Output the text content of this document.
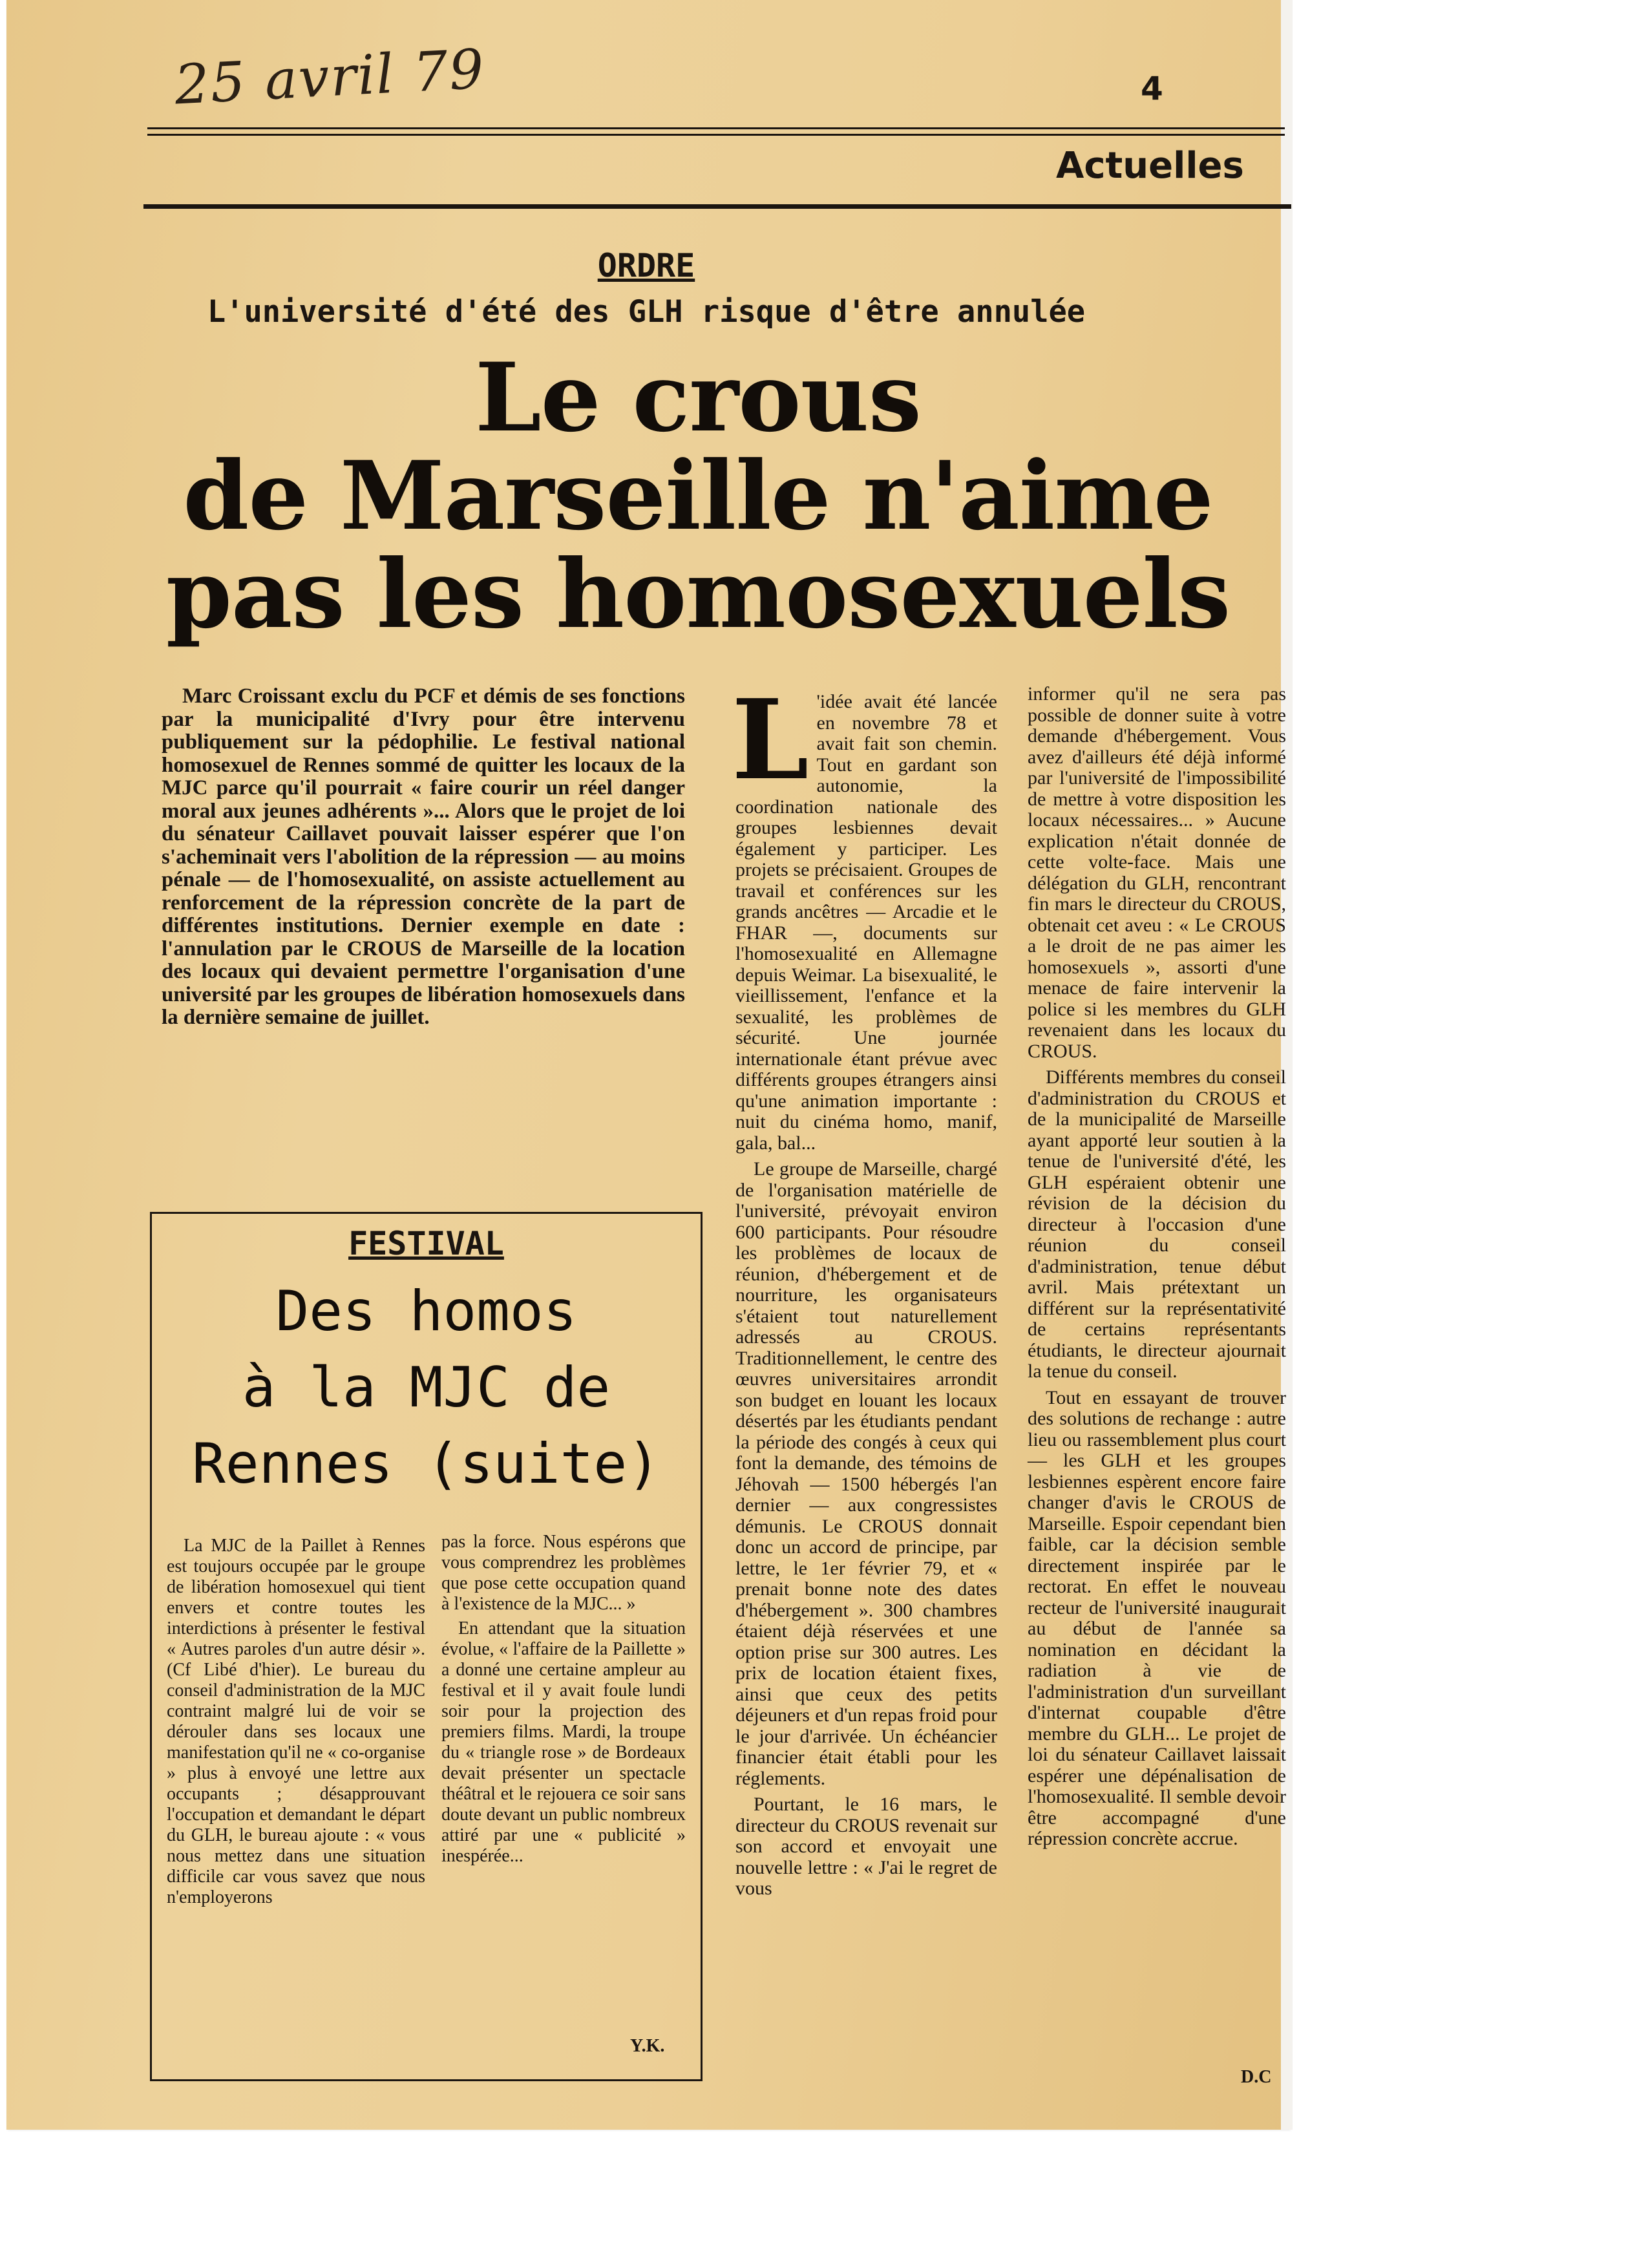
25 avril 79	4
Actuelles
ORDRE
L'université d'été des GLH risque d'être annulée
Le crous
de Marseille n'aime
pas les homosexuels
Marc Croissant exclu du PCF et démis de ses fonctions par la municipalité d'Ivry pour être intervenu publiquement sur la pédophilie. Le festival national homosexuel de Rennes sommé de quitter les locaux de la MJC parce qu'il pourrait « faire courir un réel danger moral aux jeunes adhérents »... Alors que le projet de loi du sénateur Caillavet pouvait laisser espérer que l'on s'acheminait vers l'abolition de la répression — au moins pénale — de l'homosexualité, on assiste actuellement au renforcement de la répression concrète de la part de différentes institutions. Dernier exemple en date : l'annulation par le CROUS de Marseille de la location des locaux qui devaient permettre l'organisation d'une université par les groupes de libération homosexuels dans la dernière semaine de juillet.

L 'idée avait été lancée en novembre 78 et avait fait son chemin. Tout en gardant son autonomie, la coordination nationale des groupes lesbiennes devait également y participer. Les projets se précisaient. Groupes de travail et conférences sur les grands ancêtres — Arcadie et le FHAR —, documents sur l'homosexualité en Allemagne depuis Weimar. La bisexualité, le vieillissement, l'enfance et la sexualité, les problèmes de sécurité. Une journée internationale étant prévue avec différents groupes étrangers ainsi qu'une animation importante : nuit du cinéma homo, manif, gala, bal...

Le groupe de Marseille, chargé de l'organisation matérielle de l'université, prévoyait environ 600 participants. Pour résoudre les problèmes de locaux de réunion, d'hébergement et de nourriture, les organisateurs s'étaient tout naturellement adressés au CROUS. Traditionnellement, le centre des œuvres universitaires arrondit son budget en louant les locaux désertés par les étudiants pendant la période des congés à ceux qui font la demande, des témoins de Jéhovah — 1500 hébergés l'an dernier — aux congressistes démunis. Le CROUS donnait donc un accord de principe, par lettre, le 1er février 79, et « prenait bonne note des dates d'hébergement ». 300 chambres étaient déjà réservées et une option prise sur 300 autres. Les prix de location étaient fixes, ainsi que ceux des petits déjeuners et d'un repas froid pour le jour d'arrivée. Un échéancier financier était établi pour les réglements.

Pourtant, le 16 mars, le directeur du CROUS revenait sur son accord et envoyait une nouvelle lettre : « J'ai le regret de vous

informer qu'il ne sera pas possible de donner suite à votre demande d'hébergement. Vous avez d'ailleurs été déjà informé par l'université de l'impossibilité de mettre à votre disposition les locaux nécessaires... » Aucune explication n'était donnée de cette volte-face. Mais une délégation du GLH, rencontrant fin mars le directeur du CROUS, obtenait cet aveu : « Le CROUS a le droit de ne pas aimer les homosexuels », assorti d'une menace de faire intervenir la police si les membres du GLH revenaient dans les locaux du CROUS.

Différents membres du conseil d'administration du CROUS et de la municipalité de Marseille ayant apporté leur soutien à la tenue de l'université d'été, les GLH espéraient obtenir une révision de la décision du directeur à l'occasion d'une réunion du conseil d'administration, tenue début avril. Mais prétextant un différent sur la représentativité de certains représentants étudiants, le directeur ajournait la tenue du conseil.

Tout en essayant de trouver des solutions de rechange : autre lieu ou rassemblement plus court — les GLH et les groupes lesbiennes espèrent encore faire changer d'avis le CROUS de Marseille. Espoir cependant bien faible, car la décision semble directement inspirée par le rectorat. En effet le nouveau recteur de l'université inaugurait au début de l'année sa nomination en décidant la radiation à vie de l'administration d'un surveillant d'internat coupable d'être membre du GLH... Le projet de loi du sénateur Caillavet laissait espérer une dépénalisation de l'homosexualité. Il semble devoir être accompagné d'une répression concrète accrue.

D.C
FESTIVAL
Des homos
à la MJC de
Rennes (suite)

La MJC de la Paillet à Rennes est toujours occupée par le groupe de libération homosexuel qui tient envers et contre toutes les interdictions à présenter le festival « Autres paroles d'un autre désir ». (Cf Libé d'hier). Le bureau du conseil d'administration de la MJC contraint malgré lui de voir se dérouler dans ses locaux une manifestation qu'il ne « co-organise » plus à envoyé une lettre aux occupants ; désapprouvant l'occupation et demandant le départ du GLH, le bureau ajoute : « vous nous mettez dans une situation difficile car vous savez que nous n'employerons

pas la force. Nous espérons que vous comprendrez les problèmes que pose cette occupation quand à l'existence de la MJC... »

En attendant que la situation évolue, « l'affaire de la Paillette » a donné une certaine ampleur au festival et il y avait foule lundi soir pour la projection des premiers films. Mardi, la troupe du « triangle rose » de Bordeaux devait présenter un spectacle théâtral et le rejouera ce soir sans doute devant un public nombreux attiré par une « publicité » inespérée...

Y.K.
